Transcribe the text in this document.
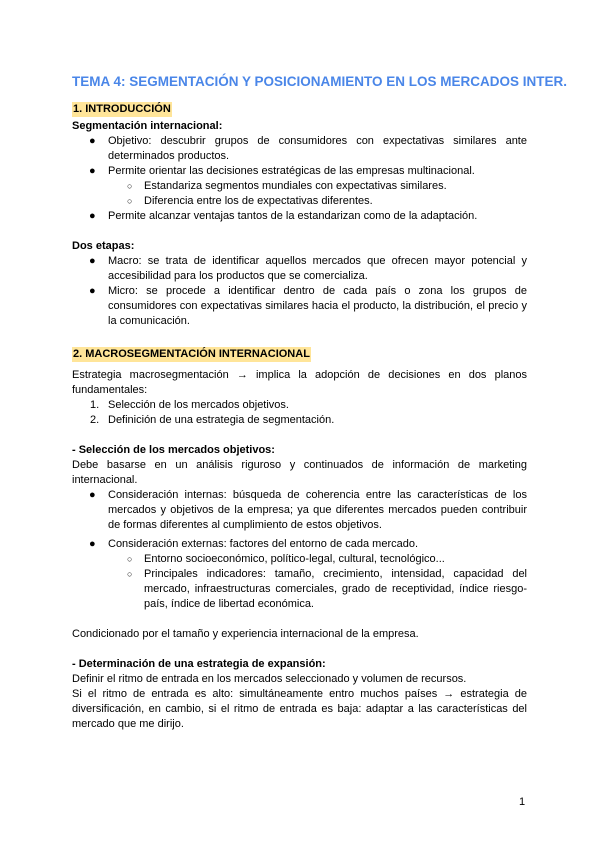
TEMA 4: SEGMENTACIÓN Y POSICIONAMIENTO EN LOS MERCADOS INTER.
1. INTRODUCCIÓN
Segmentación internacional:
● Objetivo: descubrir grupos de consumidores con expectativas similares ante determinados productos.
● Permite orientar las decisiones estratégicas de las empresas multinacional.
○ Estandariza segmentos mundiales con expectativas similares.
○ Diferencia entre los de expectativas diferentes.
● Permite alcanzar ventajas tantos de la estandarizan como de la adaptación.
Dos etapas:
● Macro: se trata de identificar aquellos mercados que ofrecen mayor potencial y accesibilidad para los productos que se comercializa.
● Micro: se procede a identificar dentro de cada país o zona los grupos de consumidores con expectativas similares hacia el producto, la distribución, el precio y la comunicación.
2. MACROSEGMENTACIÓN INTERNACIONAL
Estrategia macrosegmentación → implica la adopción de decisiones en dos planos fundamentales:
1. Selección de los mercados objetivos.
2. Definición de una estrategia de segmentación.
- Selección de los mercados objetivos:
Debe basarse en un análisis riguroso y continuados de información de marketing internacional.
● Consideración internas: búsqueda de coherencia entre las características de los mercados y objetivos de la empresa; ya que diferentes mercados pueden contribuir de formas diferentes al cumplimiento de estos objetivos.
● Consideración externas: factores del entorno de cada mercado.
○ Entorno socioeconómico, político-legal, cultural, tecnológico...
○ Principales indicadores: tamaño, crecimiento, intensidad, capacidad del mercado, infraestructuras comerciales, grado de receptividad, índice riesgo-país, índice de libertad económica.
Condicionado por el tamaño y experiencia internacional de la empresa.
- Determinación de una estrategia de expansión:
Definir el ritmo de entrada en los mercados seleccionado y volumen de recursos.
Si el ritmo de entrada es alto: simultáneamente entro muchos países → estrategia de diversificación, en cambio, si el ritmo de entrada es baja: adaptar a las características del mercado que me dirijo.
1
